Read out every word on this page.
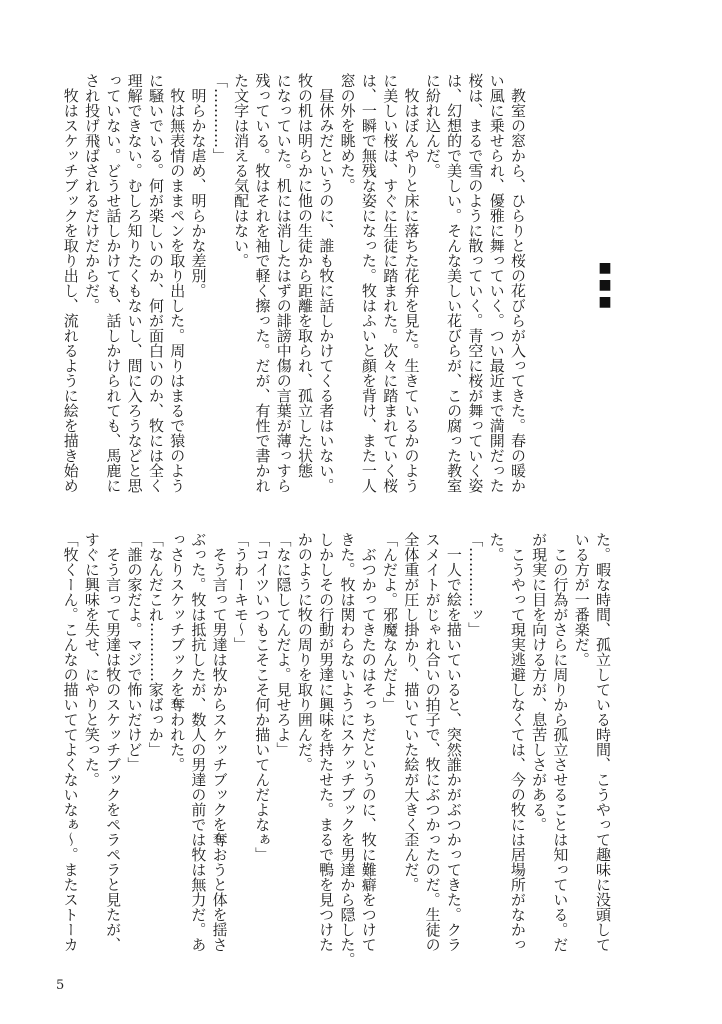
■■■
　教室の窓から、ひらりと桜の花びらが入ってきた。春の暖か
い風に乗せられ、優雅に舞っていく。つい最近まで満開だった
桜は、まるで雪のように散っていく。青空に桜が舞っていく姿
は、幻想的で美しい。そんな美しい花びらが、この腐った教室
に紛れ込んだ。
　牧はぼんやりと床に落ちた花弁を見た。生きているかのよう
に美しい桜は、すぐに生徒に踏まれた。次々に踏まれていく桜
は、一瞬で無残な姿になった。牧はふいと顔を背け、また一人
窓の外を眺めた。
　昼休みだというのに、誰も牧に話しかけてくる者はいない。
牧の机は明らかに他の生徒から距離を取られ、孤立した状態
になっていた。机には消したはずの誹謗中傷の言葉が薄っすら
残っている。牧はそれを袖で軽く擦った。だが、有性で書かれ
た文字は消える気配はない。
「…………」
　明らかな虐め、明らかな差別。
　牧は無表情のままペンを取り出した。周りはまるで猿のよう
に騒いでいる。何が楽しいのか、何が面白いのか、牧には全く
理解できない。むしろ知りたくもないし、間に入ろうなどと思
っていない。どうせ話しかけても、話しかけられても、馬鹿に
され投げ飛ばされるだけだからだ。
　牧はスケッチブックを取り出し、流れるように絵を描き始め
た。暇な時間、孤立している時間、こうやって趣味に没頭して
いる方が一番楽だ。
　この行為がさらに周りから孤立させることは知っている。だ
が現実に目を向ける方が、息苦しさがある。
　こうやって現実逃避しなくては、今の牧には居場所がなかっ
た。
「…………ッ」
　一人で絵を描いていると、突然誰かがぶつかってきた。クラ
スメイトがじゃれ合いの拍子で、牧にぶつかったのだ。生徒の
全体重が圧し掛かり、描いていた絵が大きく歪んだ。
「んだよ。邪魔なんだよ」
　ぶつかってきたのはそっちだというのに、牧に難癖をつけて
きた。牧は関わらないようにスケッチブックを男達から隠した。
しかしその行動が男達に興味を持たせた。まるで鴨を見つけた
かのように牧の周りを取り囲んだ。
「なに隠してんだよ。見せろよ」
「コイツいつもこそこそ何か描いてんだよなぁ」
「うわーキモ～」
　そう言って男達は牧からスケッチブックを奪おうと体を揺さ
ぶった。牧は抵抗したが、数人の男達の前では牧は無力だ。あ
っさりスケッチブックを奪われた。
「なんだこれ…………家ばっか」
「誰の家だよ。マジで怖いだけど」
　そう言って男達は牧のスケッチブックをペラペラと見たが、
すぐに興味を失せ、にやりと笑った。
「牧くーん。こんなの描いててよくないなぁ～。またストーカ
5
